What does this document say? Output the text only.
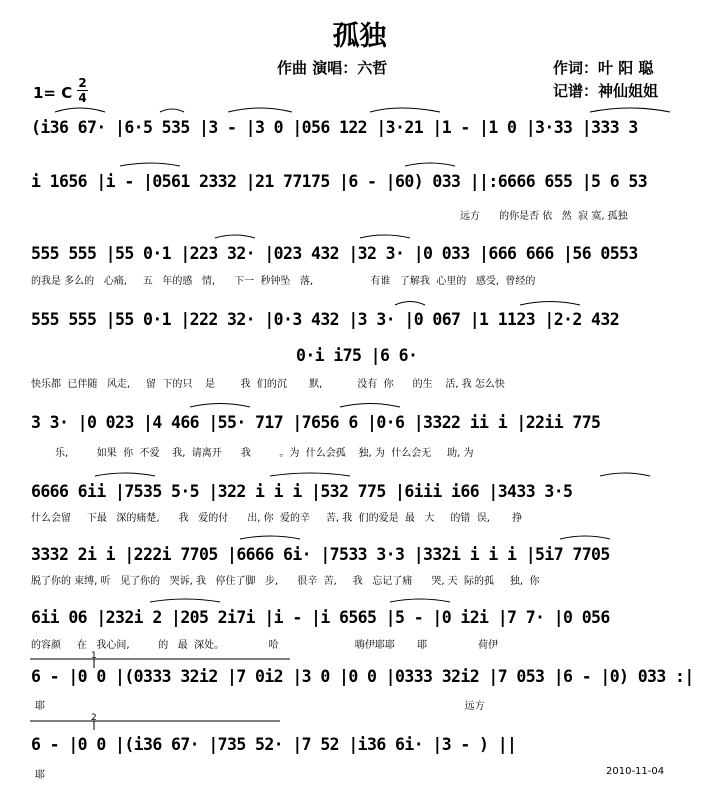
孤独
作曲 演唱：六哲	作词：叶 阳 聪
记谱：神仙姐姐
1= C
2
4
(i36 67· |6·5 535 |3 - |3 0 |056 122 |3·21 |1 - |1 0 |3·33 |333 3
i 1656 |i - |0561 2332 |21 77175 |6 - |60) 033 ||:6666 655 |5 6 53
远方      的你是否 依   然  寂 寞, 孤独
555 555 |55 0·1 |223 32· |023 432 |32 3· |0 033 |666 666 |56 0553
的我是 多么的   心痛,     五   年的感   情,      下一  秒钟坠   落,                  有谁   了解我  心里的   感受,  曾经的
555 555 |55 0·1 |222 32· |0·3 432 |3 3· |0 067 |1 1123 |2·2 432
0·i i75 |6 6·
快乐都  已伴随   风走,     留  下的只    是        我  们的沉       默,           没有  你      的生    活, 我 怎么快
3 3· |0 023 |4 466 |55· 717 |7656 6 |0·6 |3322 ii i |22ii 775
乐,         如果  你  不爱    我,  请离开      我         。为  什么会孤    独, 为  什么会无     助, 为
6666 6ii |7535 5·5 |322 i i i |532 775 |6iii i66 |3433 3·5
什么会留     下最   深的痛楚,      我   爱的付      出, 你  爱的辛     苦, 我  们的爱是  最   大     的错  误,       挣
3332 2i i |222i 7705 |6666 6i· |7533 3·3 |332i i i i |5i7 7705
脱了你的 束缚, 听   见了你的   哭诉, 我   停住了脚   步,      很辛  苦,     我   忘记了痛      哭, 天  际的孤     独,  你
6ii 06 |232i 2 |205 2i7i |i - |i 6565 |5 - |0 i2i |7 7· |0 056
的容颜     在   我心间,         的   最  深处。              哈                        嗨伊耶耶       耶                荷伊
6 - |0 0 |(0333 32i2 |7 0i2 |3 0 |0 0 |0333 32i2 |7 053 |6 - |0) 033 :|
耶                                                                                                                                    远方
6 - |0 0 |(i36 67· |735 52· |7 52 |i36 6i· |3 - ) ||
耶
1
2
2010-11-04
